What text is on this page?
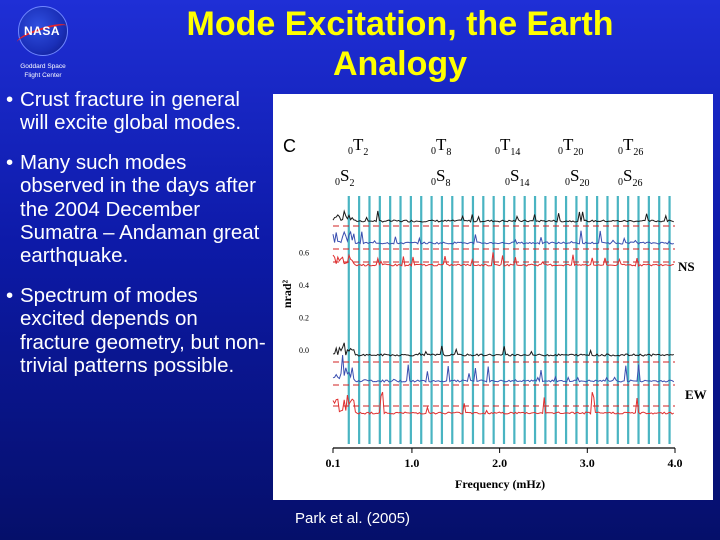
NASA
Goddard Space
Flight Center
Mode Excitation, the Earth
Analogy
• Crust fracture in general will excite global modes.
• Many such modes observed in the days after the 2004 December Sumatra – Andaman great earthquake.
• Spectrum of modes excited depends on fracture geometry, but non-trivial patterns possible.
C	$_0T_2$	$_0T_8$	$_0T_{14}$	$_0T_{20}$	$_0T_{26}$
$_0S_2$	$_0S_8$	$_0S_{14}$	$_0S_{20}$	$_0S_{26}$
0.1	1.0	2.0	3.0	4.0
0.0
0.2
0.4
0.6
NS
EW
Frequency (mHz)
nrad²
Park et al. (2005)
